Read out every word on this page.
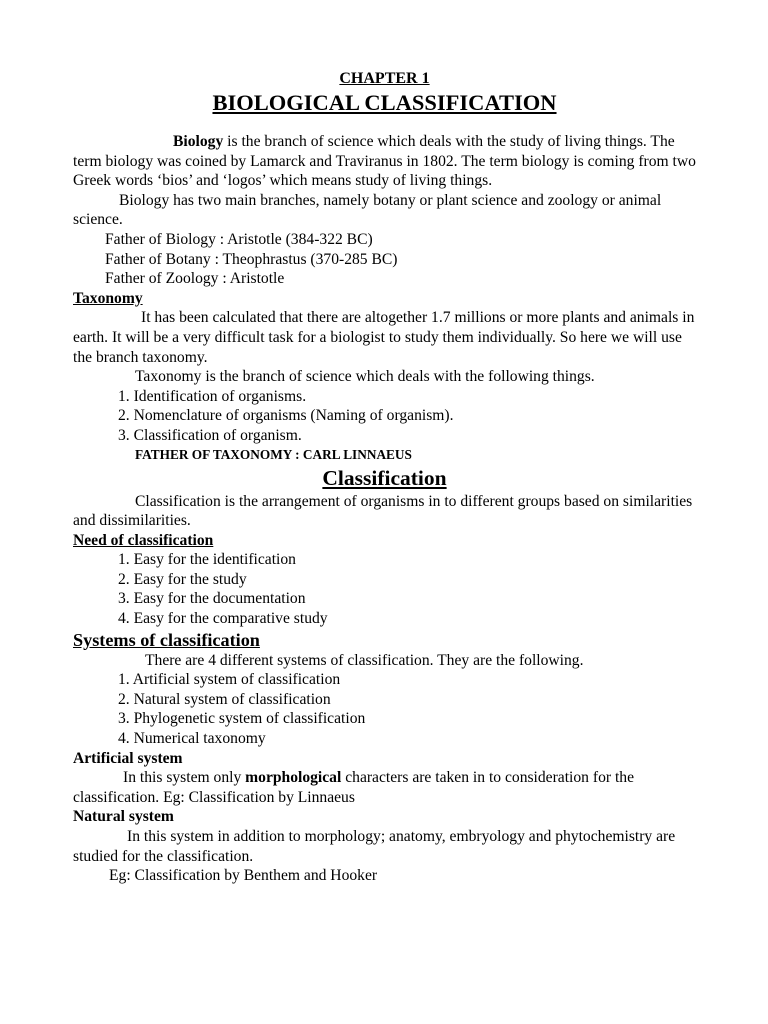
CHAPTER 1
BIOLOGICAL CLASSIFICATION

Biology is the branch of science which deals with the study of living things. The term biology was coined by Lamarck and Traviranus in 1802. The term biology is coming from two Greek words ‘bios’ and ‘logos’ which means study of living things.

Biology has two main branches, namely botany or plant science and zoology or animal science.

Father of Biology : Aristotle (384-322 BC)
Father of Botany : Theophrastus (370-285 BC)
Father of Zoology : Aristotle
Taxonomy

It has been calculated that there are altogether 1.7 millions or more plants and animals in earth. It will be a very difficult task for a biologist to study them individually. So here we will use the branch taxonomy.

Taxonomy is the branch of science which deals with the following things.

1. Identification of organisms.
2. Nomenclature of organisms (Naming of organism).
3. Classification of organism.
FATHER OF TAXONOMY : CARL LINNAEUS
Classification

Classification is the arrangement of organisms in to different groups based on similarities and dissimilarities.

Need of classification
1. Easy for the identification
2. Easy for the study
3. Easy for the documentation
4. Easy for the comparative study
Systems of classification

There are 4 different systems of classification. They are the following.

1. Artificial system of classification
2. Natural system of classification
3. Phylogenetic system of classification
4. Numerical taxonomy
Artificial system

In this system only morphological characters are taken in to consideration for the classification. Eg: Classification by Linnaeus

Natural system

In this system in addition to morphology; anatomy, embryology and phytochemistry are studied for the classification.

Eg: Classification by Benthem and Hooker
